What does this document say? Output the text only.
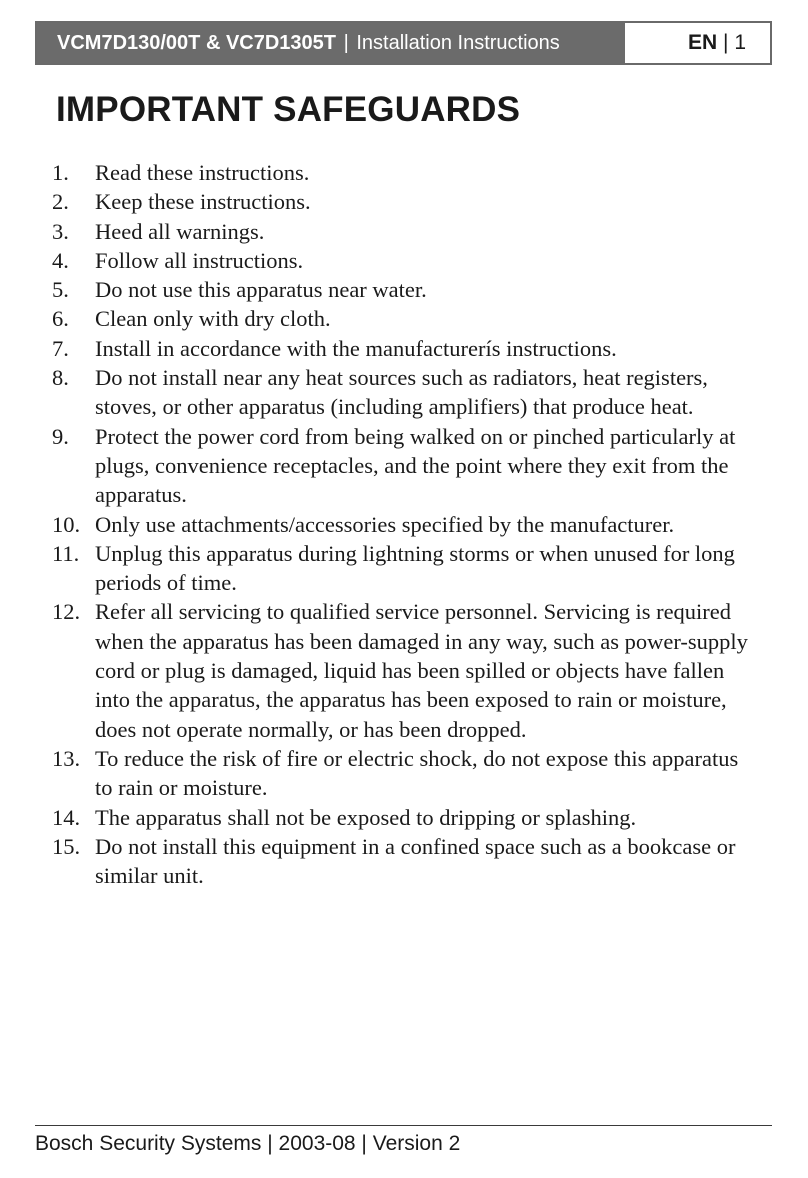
VCM7D130/00T & VC7D1305T | Installation Instructions	EN | 1
IMPORTANT SAFEGUARDS
1.	Read these instructions.
2.	Keep these instructions.
3.	Heed all warnings.
4.	Follow all instructions.
5.	Do not use this apparatus near water.
6.	Clean only with dry cloth.
7.	Install in accordance with the manufacturerís instructions.
8.	Do not install near any heat sources such as radiators, heat registers, stoves, or other apparatus (including amplifiers) that produce heat.
9.	Protect the power cord from being walked on or pinched particularly at plugs, convenience receptacles, and the point where they exit from the apparatus.
10. Only use attachments/accessories specified by the manufacturer.
11. Unplug this apparatus during lightning storms or when unused for long periods of time.
12. Refer all servicing to qualified service personnel. Servicing is required when the apparatus has been damaged in any way, such as power-supply cord or plug is damaged, liquid has been spilled or objects have fallen into the apparatus, the apparatus has been exposed to rain or moisture, does not operate normally, or has been dropped.
13. To reduce the risk of fire or electric shock, do not expose this apparatus to rain or moisture.
14. The apparatus shall not be exposed to dripping or splashing.
15. Do not install this equipment in a confined space such as a bookcase or similar unit.
Bosch Security Systems | 2003-08 | Version 2
